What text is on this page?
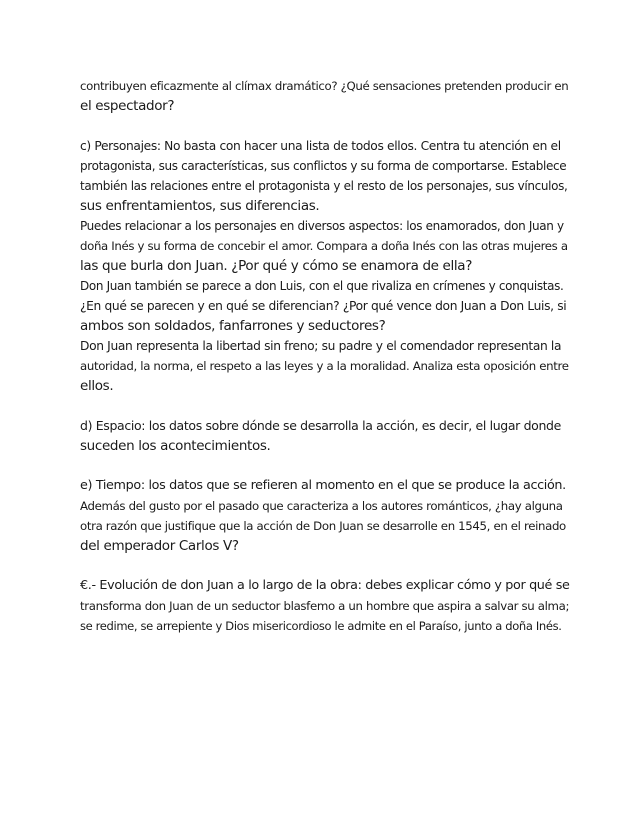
contribuyen eficazmente al clímax dramático? ¿Qué sensaciones pretenden producir en
el espectador?

c) Personajes: No basta con hacer una lista de todos ellos. Centra tu atención en el
protagonista, sus características, sus conflictos y su forma de comportarse. Establece
también las relaciones entre el protagonista y el resto de los personajes, sus vínculos,
sus enfrentamientos, sus diferencias.
Puedes relacionar a los personajes en diversos aspectos: los enamorados, don Juan y
doña Inés y su forma de concebir el amor. Compara a doña Inés con las otras mujeres a
las que burla don Juan. ¿Por qué y cómo se enamora de ella?
Don Juan también se parece a don Luis, con el que rivaliza en crímenes y conquistas.
¿En qué se parecen y en qué se diferencian? ¿Por qué vence don Juan a Don Luis, si
ambos son soldados, fanfarrones y seductores?
Don Juan representa la libertad sin freno; su padre y el comendador representan la
autoridad, la norma, el respeto a las leyes y a la moralidad. Analiza esta oposición entre
ellos.

d) Espacio: los datos sobre dónde se desarrolla la acción, es decir, el lugar donde
suceden los acontecimientos.

e) Tiempo: los datos que se refieren al momento en el que se produce la acción.
Además del gusto por el pasado que caracteriza a los autores románticos, ¿hay alguna
otra razón que justifique que la acción de Don Juan se desarrolle en 1545, en el reinado
del emperador Carlos V?

€.- Evolución de don Juan a lo largo de la obra: debes explicar cómo y por qué se
transforma don Juan de un seductor blasfemo a un hombre que aspira a salvar su alma;
se redime, se arrepiente y Dios misericordioso le admite en el Paraíso, junto a doña Inés.
